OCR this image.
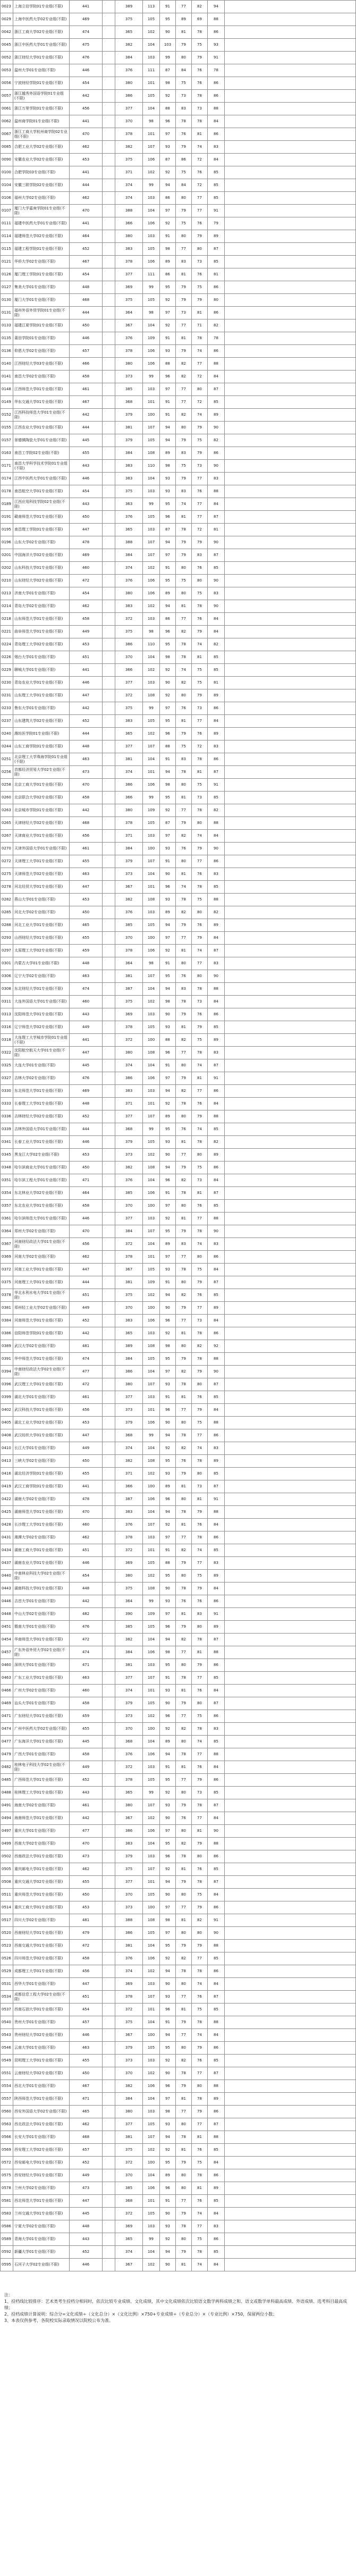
0023	上海立信学院01专业组(不限)	441		389	113	91	77	82	94	
0029	上海中医药大学02专业组(不限)	469		375	105	95	89	69	88	
0042	浙江工商大学02专业组(不限)	474		365	102	90	81	78	86	
0045	浙江中医药大学01专业组(不限)	475		382	104	103	79	75	93	
0052	浙江财经大学01专业组(不限)	476		384	103	99	80	79	91	
0053	温州大学01专业组(不限)	446		376	111	87	84	76	78	
0056	宁波财经学院01专业组(不限)	454		380	101	98	75	76	86	
0057	浙江越秀外国语学院01专业组(不限)	442		386	105	92	73	78	86	
0061	浙江万里学院01专业组(不限)	456		377	104	88	83	73	88	
0062	温州商学院01专业组(不限)	441		370	98	96	78	78	84	
0067	浙江工商大学杭州商学院02专业组(不限)	470		378	101	97	76	81	86	
0085	合肥工业大学02专业组(不限)	462		382	107	93	79	74	83	
0090	安徽农业大学02专业组(不限)	453		375	106	87	86	72	84	
0100	合肥学院03专业组(不限)	441		371	102	92	75	76	85	
0104	安徽三联学院02专业组(不限)	444		374	99	94	84	72	85	
0106	福州大学02专业组(不限)	462		374	103	86	80	77	85	
0107	厦门大学嘉庚学院01专业组(不限)	470		388	104	97	79	77	91	
0111	福建中医药大学01专业组(不限)	441		366	106	92	75	76	79	
0114	福建师范大学02专业组(不限)	464		380	103	91	80	79	89	
0115	福建工程学院01专业组(不限)	452		383	105	98	77	80	87	
0121	华侨大学02专业组(不限)	467		378	106	89	83	73	85	
0126	厦门理工学院01专业组(不限)	454		377	111	86	81	76	81	
0127	集美大学01专业组(不限)	448		369	99	95	79	75	86	
0130	厦门大学01专业组(不限)	468		375	105	92	79	79	80	
0131	福州外语外贸学院01专业组(不限)	444		364	98	97	73	81	86	
0133	福建江夏学院01专业组(不限)	450		367	104	92	77	71	82	
0135	莆田学院01专业组(不限)	446		376	109	91	81	78	78	
0136	仰恩大学02专业组(不限)	457		378	106	93	79	74	86	
0140	江西财经大学03专业组(不限)	466		380	106	88	82	77	88	
0141	南昌大学02专业组(不限)	458		373	99	96	82	72	84	
0148	江西师范大学01专业组(不限)	461		385	103	97	77	80	87	
0149	华东交通大学01专业组(不限)	467		368	101	91	77	72	85	
0152	江西科技师范大学01专业组(不限)	442		379	100	91	82	74	89	
0155	江西农业大学01专业组(不限)	444		381	107	94	80	79	90	
0157	景德镇陶瓷大学01专业组(不限)	445		379	105	94	79	75	82	
0163	南昌工学院02专业组(不限)	455		384	108	89	83	79	86	
0171	南昌大学科学技术学院01专业组(不限)	443		383	110	98	75	73	90	
0174	江西中医药大学01专业组(不限)	446		383	104	93	79	77	83	
0178	南昌航空大学01专业组(不限)	454		375	103	93	83	76	88	
0189	江西应用科技学院02专业组(不限)	443		363	99	95	74	77	84	
0191	赣南师范大学01专业组(不限)	450		376	105	96	81	77	87	
0195	南昌理工学院01专业组(不限)	447		365	103	87	78	72	81	
0196	山东大学02专业组(不限)	478		388	107	94	79	79	90	
0201	中国海洋大学02专业组(不限)	469		384	107	97	79	83	87	
0202	山东科技大学01专业组(不限)	460		374	102	91	80	76	85	
0210	山东财经大学02专业组(不限)	472		376	106	95	75	80	90	
0213	济南大学01专业组(不限)	454		380	106	89	80	75	83	
0214	青岛大学02专业组(不限)	462		383	102	94	81	78	90	
0218	山东师范大学01专业组(不限)	458		372	103	86	77	76	84	
0221	曲阜师范大学01专业组(不限)	449		375	98	96	82	79	84	
0224	青岛理工大学02专业组(不限)	453		386	110	95	78	74	82	
0226	烟台大学01专业组(不限)	451		370	104	98	78	81	85	
0229	聊城大学01专业组(不限)	441		366	102	92	74	75	85	
0230	青岛农业大学01专业组(不限)	446		377	103	90	82	75	81	
0231	山东理工大学01专业组(不限)	447		372	108	92	80	79	89	
0233	鲁东大学01专业组(不限)	442		375	99	97	76	73	86	
0237	山东建筑大学02专业组(不限)	452		383	105	95	81	77	84	
0240	潍坊医学院01专业组(不限)	444		365	102	96	79	76	89	
0244	山东工商学院01专业组(不限)	448		377	107	88	75	72	83	
0251	北京理工大学珠海学院01专业组(不限)	463		381	104	91	83	78	86	
0256	首都经济贸易大学02专业组(不限)	473		374	101	94	78	81	87	
0258	北京工商大学01专业组(不限)	470		386	106	98	80	75	91	
0260	北京联合大学02专业组(不限)	458		366	99	95	81	73	85	
0263	北京城市学院01专业组(不限)	442		380	109	92	77	78	82	
0265	天津财经大学02专业组(不限)	468		378	105	87	79	80	88	
0267	天津商业大学01专业组(不限)	456		371	103	97	82	74	84	
0270	天津外国语大学01专业组(不限)	461		384	100	93	76	79	90	
0272	天津理工大学01专业组(不限)	455		379	107	91	80	77	86	
0275	天津师范大学02专业组(不限)	463		373	104	90	81	76	83	
0278	河北经贸大学01专业组(不限)	447		367	101	96	74	78	85	
0282	燕山大学01专业组(不限)	453		382	108	93	78	75	88	
0285	河北大学02专业组(不限)	450		376	103	89	82	80	82	
0288	河北工业大学01专业组(不限)	465		385	105	94	79	76	89	
0293	山西财经大学01专业组(不限)	455		370	100	97	77	79	84	
0297	太原理工大学02专业组(不限)	459		378	106	92	81	74	87	
0301	内蒙古大学01专业组(不限)	448		364	98	91	80	77	83	
0306	辽宁大学02专业组(不限)	463		381	107	95	76	80	90	
0308	东北财经大学01专业组(不限)	474		387	104	94	83	78	88	
0311	大连外国语大学01专业组(不限)	460		375	102	98	78	73	84	
0313	沈阳师范大学01专业组(不限)	443		369	103	90	79	76	86	
0316	辽宁师范大学02专业组(不限)	449		378	105	93	81	79	85	
0318	大连理工大学城市学院01专业组(不限)	441		372	100	88	82	75	89	
0322	沈阳航空航天大学01专业组(不限)	447		380	108	96	77	78	83	
0325	大连大学01专业组(不限)	445		374	104	91	80	74	87	
0327	吉林大学02专业组(不限)	476		386	106	97	79	81	91	
0330	东北师范大学01专业组(不限)	469		383	103	94	82	77	86	
0333	长春理工大学01专业组(不限)	448		371	101	92	78	76	84	
0336	吉林财经大学02专业组(不限)	452		377	107	89	80	79	88	
0339	吉林外国语大学01专业组(不限)	444		368	99	95	76	74	85	
0341	长春工业大学01专业组(不限)	446		379	105	93	81	78	82	
0345	黑龙江大学02专业组(不限)	453		373	102	90	77	80	89	
0348	哈尔滨商业大学01专业组(不限)	450		382	108	94	79	75	86	
0351	哈尔滨工程大学01专业组(不限)	471		376	104	96	82	73	84	
0354	东北林业大学02专业组(不限)	464		385	106	91	78	81	87	
0357	东北农业大学01专业组(不限)	458		370	100	97	80	76	85	
0361	哈尔滨师范大学01专业组(不限)	446		377	103	92	81	77	88	
0364	郑州大学02专业组(不限)	470		384	107	95	79	78	90	
0367	河南财经政法大学01专业组(不限)	456		372	104	89	83	74	83	
0369	河南大学02专业组(不限)	462		378	101	97	77	80	86	
0372	河南工业大学01专业组(不限)	447		367	105	93	78	75	84	
0375	河南理工大学01专业组(不限)	444		381	109	91	80	79	87	
0378	华北水利水电大学01专业组(不限)	451		375	102	94	82	76	85	
0381	郑州轻工业大学02专业组(不限)	449		370	100	90	79	77	89	
0384	河南师范大学01专业组(不限)	452		383	106	96	77	73	84	
0386	信阳师范学院01专业组(不限)	442		365	103	92	81	78	86	
0389	武汉大学02专业组(不限)	481		389	108	98	80	82	92	
0391	华中师范大学01专业组(不限)	474		384	105	95	79	78	88	
0394	中南财经政法大学02专业组(不限)	477		386	104	97	82	79	90	
0396	武汉理工大学01专业组(不限)	472		380	107	93	78	80	87	
0399	湖北大学01专业组(不限)	461		377	103	91	81	76	85	
0402	武汉科技大学01专业组(不限)	456		373	101	96	77	79	84	
0405	湖北工业大学02专业组(不限)	453		379	106	90	80	75	88	
0408	武汉纺织大学01专业组(不限)	447		368	99	94	78	77	86	
0410	长江大学01专业组(不限)	449		374	104	92	82	74	83	
0413	三峡大学02专业组(不限)	450		382	108	95	76	78	89	
0416	湖北经济学院01专业组(不限)	455		371	102	93	79	80	85	
0419	武汉工商学院01专业组(不限)	441		366	100	89	81	73	87	
0422	湖南大学02专业组(不限)	478		387	106	96	80	81	91	
0425	湖南师范大学01专业组(不限)	470		383	104	94	78	79	88	
0428	长沙理工大学01专业组(不限)	460		376	107	92	81	76	84	
0431	湘潭大学02专业组(不限)	462		378	103	97	77	78	86	
0434	湖南工商大学01专业组(不限)	451		372	101	91	82	74	85	
0437	湖南农业大学01专业组(不限)	446		369	105	88	79	77	83	
0440	中南林业科技大学02专业组(不限)	454		380	102	95	80	75	89	
0443	湖南科技大学01专业组(不限)	448		375	108	90	78	79	84	
0446	吉首大学01专业组(不限)	442		364	99	93	76	76	86	
0448	中山大学02专业组(不限)	482		390	109	97	81	83	91	
0451	暨南大学01专业组(不限)	476		385	105	96	79	80	89	
0454	华南师范大学01专业组(不限)	472		382	104	94	82	78	87	
0457	广东外语外贸大学02专业组(不限)	474		384	106	98	77	81	88	
0460	深圳大学01专业组(不限)	471		381	103	95	80	79	86	
0463	广东工业大学01专业组(不限)	463		377	107	91	78	77	85	
0466	广州大学02专业组(不限)	460		374	101	93	81	76	84	
0469	汕头大学01专业组(不限)	458		379	105	90	79	80	87	
0471	广东财经大学01专业组(不限)	459		373	102	96	77	75	86	
0474	广州中医药大学02专业组(不限)	455		370	100	92	82	78	83	
0477	广东海洋大学01专业组(不限)	445		368	104	89	80	74	85	
0479	广西大学01专业组(不限)	458		376	106	94	78	77	88	
0482	桂林电子科技大学02专业组(不限)	449		372	103	91	81	76	84	
0485	广西师范大学01专业组(不限)	452		378	105	95	77	79	86	
0488	桂林理工大学01专业组(不限)	443		365	99	92	80	73	85	
0491	海南大学02专业组(不限)	461		380	107	93	79	78	87	
0494	海南师范大学01专业组(不限)	442		367	102	90	76	77	84	
0497	重庆大学01专业组(不限)	477		386	106	97	80	81	90	
0499	西南大学02专业组(不限)	470		383	104	95	82	79	88	
0502	西南政法大学01专业组(不限)	473		379	103	96	78	80	86	
0505	重庆邮电大学01专业组(不限)	462		375	107	92	81	76	85	
0508	重庆交通大学02专业组(不限)	455		377	101	94	79	78	87	
0511	重庆师范大学01专业组(不限)	450		370	105	90	80	75	84	
0514	重庆工商大学01专业组(不限)	453		373	100	97	77	79	86	
0517	四川大学02专业组(不限)	481		388	108	98	81	82	91	
0520	西南财经大学01专业组(不限)	479		386	105	97	80	80	90	
0523	西南交通大学01专业组(不限)	472		381	104	95	79	79	88	
0526	四川师范大学02专业组(不限)	458		376	106	92	82	77	85	
0529	成都理工大学01专业组(不限)	456		374	102	94	78	78	86	
0531	西华大学01专业组(不限)	447		369	103	90	80	74	84	
0534	成都信息工程大学02专业组(不限)	451		378	107	93	77	76	87	
0537	西南石油大学01专业组(不限)	454		372	101	96	81	75	85	
0540	贵州大学01专业组(不限)	457		375	104	91	79	78	88	
0543	贵州财经大学02专业组(不限)	446		367	100	94	77	74	84	
0546	云南大学01专业组(不限)	463		379	105	95	80	79	86	
0549	昆明理工大学01专业组(不限)	455		373	103	92	82	76	85	
0551	云南财经大学02专业组(不限)	450		370	102	90	78	77	87	
0554	西北大学01专业组(不限)	467		382	106	96	79	80	88	
0557	陕西师范大学01专业组(不限)	471		384	104	97	81	78	89	
0560	西安外国语大学02专业组(不限)	465		380	103	98	77	79	86	
0563	西北政法大学01专业组(不限)	462		377	105	93	80	77	87	
0566	长安大学01专业组(不限)	468		381	107	94	78	81	88	
0569	西安理工大学02专业组(不限)	457		375	102	92	81	76	85	
0572	西安邮电大学01专业组(不限)	452		372	100	95	79	75	84	
0575	西安财经大学01专业组(不限)	449		370	104	89	80	78	86	
0578	兰州大学02专业组(不限)	473		385	106	96	80	81	89	
0581	西北师范大学01专业组(不限)	447		368	101	91	77	76	85	
0583	兰州交通大学01专业组(不限)	445		372	105	90	79	74	84	
0586	宁夏大学02专业组(不限)	448		369	103	93	78	77	83	
0589	青海大学01专业组(不限)	443		365	99	92	80	75	86	
0592	新疆大学01专业组(不限)	452		374	104	94	79	78	85	
0595	石河子大学02专业组(不限)	446		367	102	90	81	74	84	
注：
1、投档线比较排序：艺术类考生投档分相同时，依次比较专业成绩、文化成绩，其中文化成绩依次比较语文数学两科成绩之和、语文或数学单科最高成绩、外语成绩、选考科目最高成绩；
2、投档成绩计算说明：综合分=文化成绩÷（文化总分）×（文化比例）×750+专业成绩÷（专业总分）×（专业比例）×750，保留两位小数；
3、本表仅供参考，各院校实际录取情况以院校公布为准。
